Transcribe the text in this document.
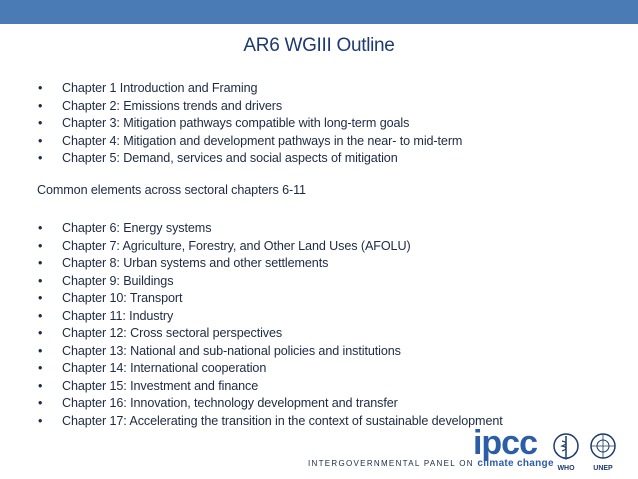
AR6 WGIII Outline
• Chapter 1 Introduction and Framing
• Chapter 2: Emissions trends and drivers
• Chapter 3: Mitigation pathways compatible with long-term goals
• Chapter 4: Mitigation and development pathways in the near- to mid-term
• Chapter 5: Demand, services and social aspects of mitigation
Common elements across sectoral chapters 6-11
• Chapter 6: Energy systems
• Chapter 7: Agriculture, Forestry, and Other Land Uses (AFOLU)
• Chapter 8: Urban systems and other settlements
• Chapter 9: Buildings
• Chapter 10: Transport
• Chapter 11: Industry
• Chapter 12: Cross sectoral perspectives
• Chapter 13: National and sub-national policies and institutions
• Chapter 14: International cooperation
• Chapter 15: Investment and finance
• Chapter 16: Innovation, technology development and transfer
• Chapter 17: Accelerating the transition in the context of sustainable development
ipcc
INTERGOVERNMENTAL PANEL ON climate change WHO	UNEP
